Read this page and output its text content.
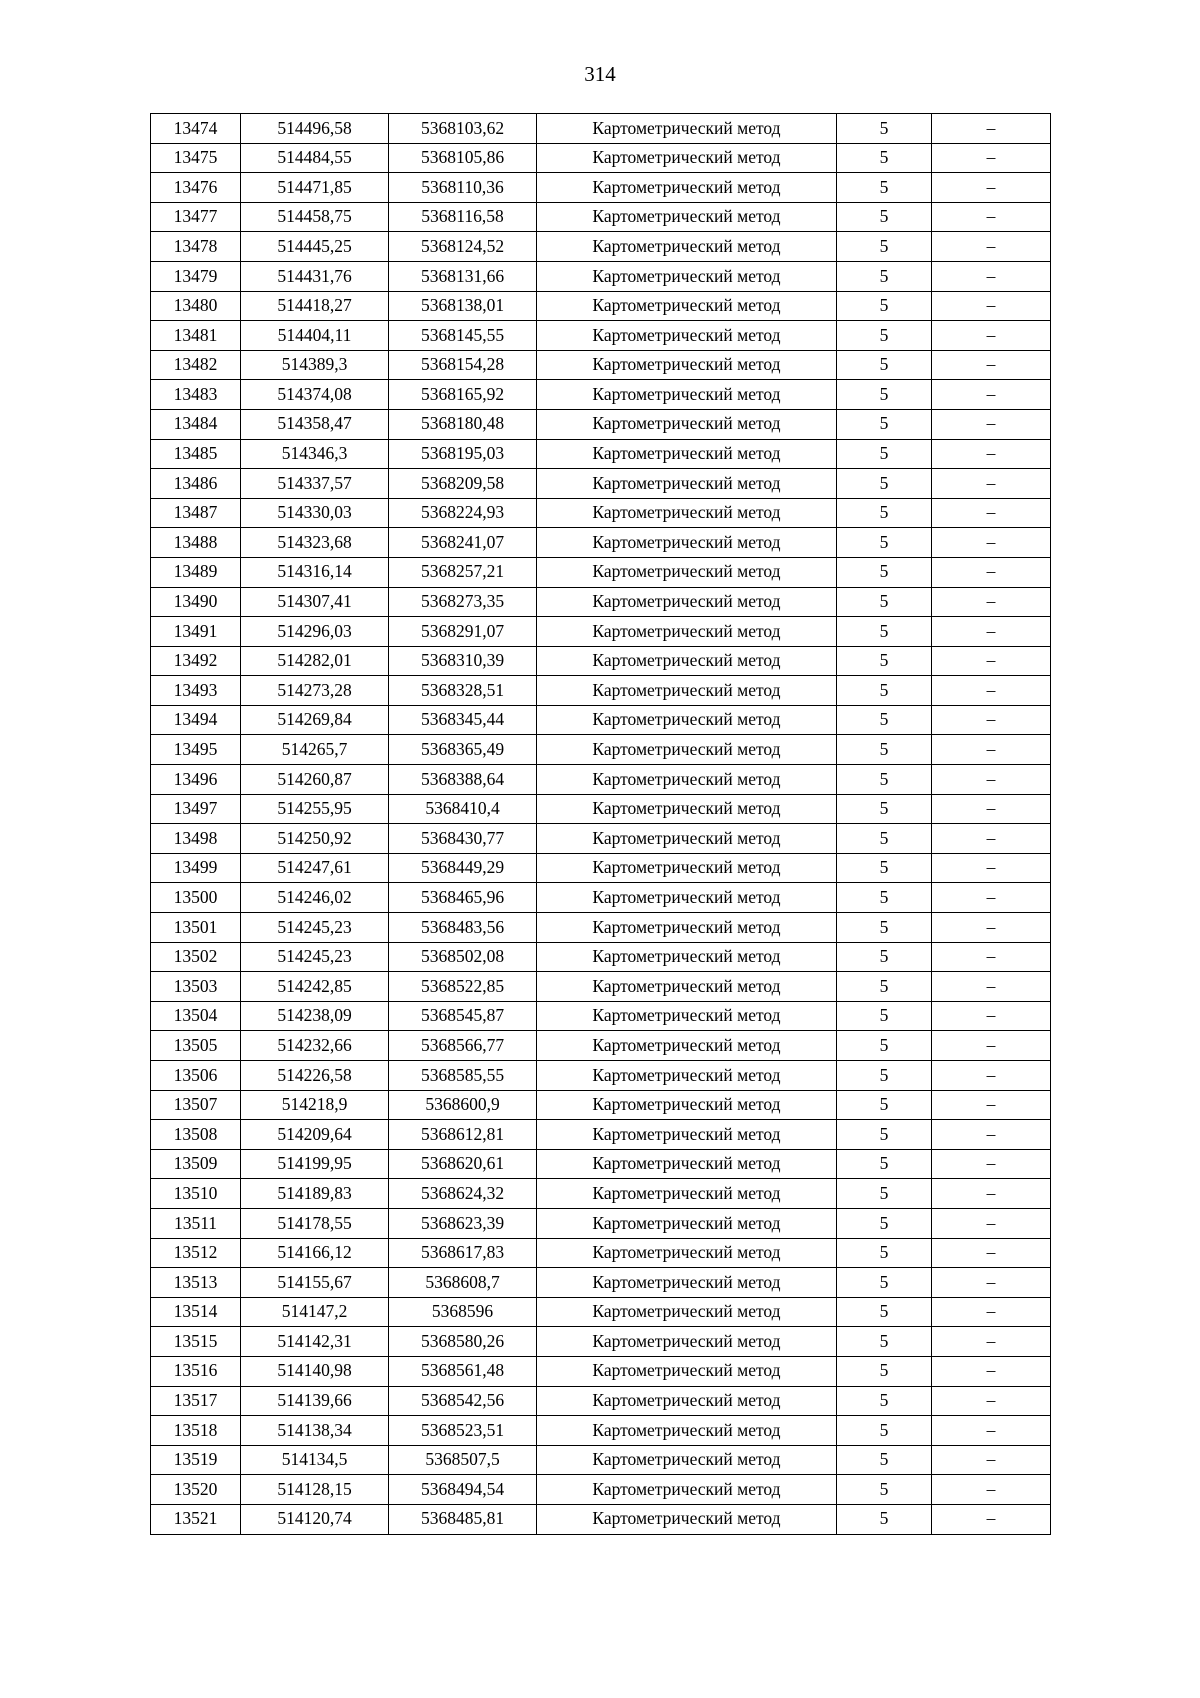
314
13474	514496,58	5368103,62	Картометрический метод	5	–
13475	514484,55	5368105,86	Картометрический метод	5	–
13476	514471,85	5368110,36	Картометрический метод	5	–
13477	514458,75	5368116,58	Картометрический метод	5	–
13478	514445,25	5368124,52	Картометрический метод	5	–
13479	514431,76	5368131,66	Картометрический метод	5	–
13480	514418,27	5368138,01	Картометрический метод	5	–
13481	514404,11	5368145,55	Картометрический метод	5	–
13482	514389,3	5368154,28	Картометрический метод	5	–
13483	514374,08	5368165,92	Картометрический метод	5	–
13484	514358,47	5368180,48	Картометрический метод	5	–
13485	514346,3	5368195,03	Картометрический метод	5	–
13486	514337,57	5368209,58	Картометрический метод	5	–
13487	514330,03	5368224,93	Картометрический метод	5	–
13488	514323,68	5368241,07	Картометрический метод	5	–
13489	514316,14	5368257,21	Картометрический метод	5	–
13490	514307,41	5368273,35	Картометрический метод	5	–
13491	514296,03	5368291,07	Картометрический метод	5	–
13492	514282,01	5368310,39	Картометрический метод	5	–
13493	514273,28	5368328,51	Картометрический метод	5	–
13494	514269,84	5368345,44	Картометрический метод	5	–
13495	514265,7	5368365,49	Картометрический метод	5	–
13496	514260,87	5368388,64	Картометрический метод	5	–
13497	514255,95	5368410,4	Картометрический метод	5	–
13498	514250,92	5368430,77	Картометрический метод	5	–
13499	514247,61	5368449,29	Картометрический метод	5	–
13500	514246,02	5368465,96	Картометрический метод	5	–
13501	514245,23	5368483,56	Картометрический метод	5	–
13502	514245,23	5368502,08	Картометрический метод	5	–
13503	514242,85	5368522,85	Картометрический метод	5	–
13504	514238,09	5368545,87	Картометрический метод	5	–
13505	514232,66	5368566,77	Картометрический метод	5	–
13506	514226,58	5368585,55	Картометрический метод	5	–
13507	514218,9	5368600,9	Картометрический метод	5	–
13508	514209,64	5368612,81	Картометрический метод	5	–
13509	514199,95	5368620,61	Картометрический метод	5	–
13510	514189,83	5368624,32	Картометрический метод	5	–
13511	514178,55	5368623,39	Картометрический метод	5	–
13512	514166,12	5368617,83	Картометрический метод	5	–
13513	514155,67	5368608,7	Картометрический метод	5	–
13514	514147,2	5368596	Картометрический метод	5	–
13515	514142,31	5368580,26	Картометрический метод	5	–
13516	514140,98	5368561,48	Картометрический метод	5	–
13517	514139,66	5368542,56	Картометрический метод	5	–
13518	514138,34	5368523,51	Картометрический метод	5	–
13519	514134,5	5368507,5	Картометрический метод	5	–
13520	514128,15	5368494,54	Картометрический метод	5	–
13521	514120,74	5368485,81	Картометрический метод	5	–
